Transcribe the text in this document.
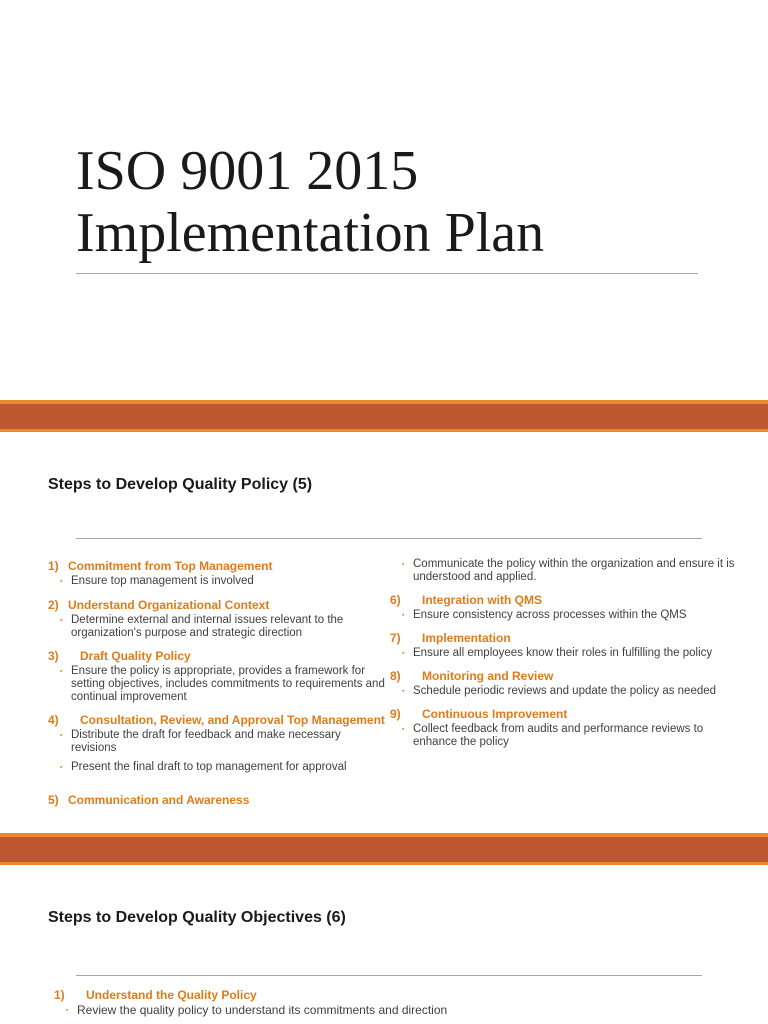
ISO 9001 2015
Implementation Plan
Steps to Develop Quality Policy (5)
1) Commitment from Top Management
▪ Ensure top management is involved
2) Understand Organizational Context
▪ Determine external and internal issues relevant to the organization's purpose and strategic direction
3) Draft Quality Policy
▪ Ensure the policy is appropriate, provides a framework for setting objectives, includes commitments to requirements and continual improvement
4) Consultation, Review, and Approval Top Management
▪ Distribute the draft for feedback and make necessary revisions
▪ Present the final draft to top management for approval
5) Communication and Awareness
▪ Communicate the policy within the organization and ensure it is understood and applied.
6) Integration with QMS
▪ Ensure consistency across processes within the QMS
7) Implementation
▪ Ensure all employees know their roles in fulfilling the policy
8) Monitoring and Review
▪ Schedule periodic reviews and update the policy as needed
9) Continuous Improvement
▪ Collect feedback from audits and performance reviews to enhance the policy
Steps to Develop Quality Objectives (6)
1) Understand the Quality Policy
▪ Review the quality policy to understand its commitments and direction
